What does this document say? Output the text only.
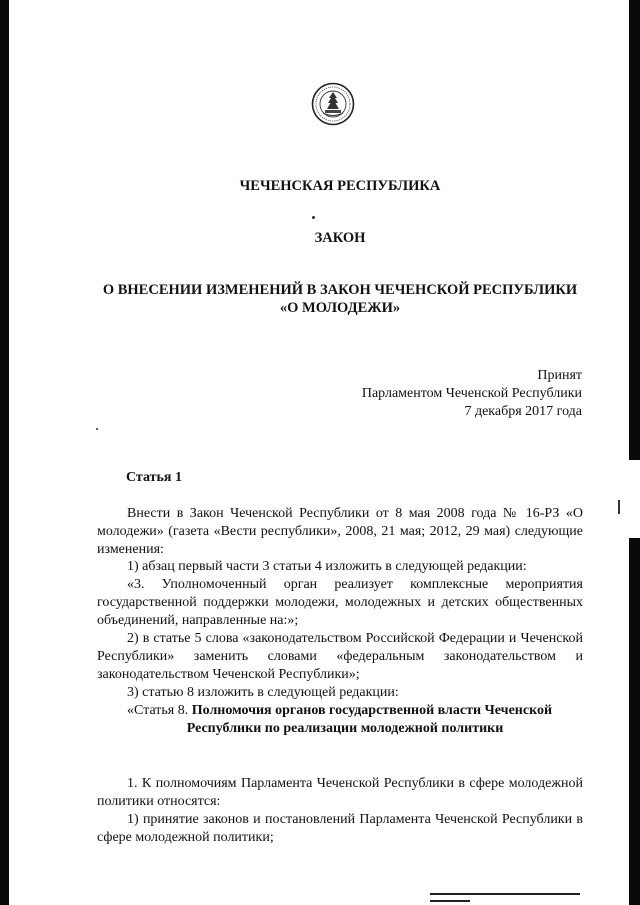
ЧЕЧЕНСКАЯ РЕСПУБЛИКА
ЗАКОН
О ВНЕСЕНИИ ИЗМЕНЕНИЙ В ЗАКОН ЧЕЧЕНСКОЙ РЕСПУБЛИКИ
«О МОЛОДЕЖИ»
Принят
Парламентом Чеченской Республики
7 декабря 2017 года
Статья 1
Внести в Закон Чеченской Республики от 8 мая 2008 года № 16-РЗ «О молодежи» (газета «Вести республики», 2008, 21 мая; 2012, 29 мая) следующие изменения:
1) абзац первый части 3 статьи 4 изложить в следующей редакции:
«3. Уполномоченный орган реализует комплексные мероприятия государственной поддержки молодежи, молодежных и детских общественных объединений, направленные на:»;
2) в статье 5 слова «законодательством Российской Федерации и Чеченской Республики» заменить словами «федеральным законодательством и законодательством Чеченской Республики»;
3) статью 8 изложить в следующей редакции:
«Статья 8. Полномочия органов государственной власти Чеченской
Республики по реализации молодежной политики
1. К полномочиям Парламента Чеченской Республики в сфере молодежной политики относятся:
1) принятие законов и постановлений Парламента Чеченской Республики в сфере молодежной политики;
